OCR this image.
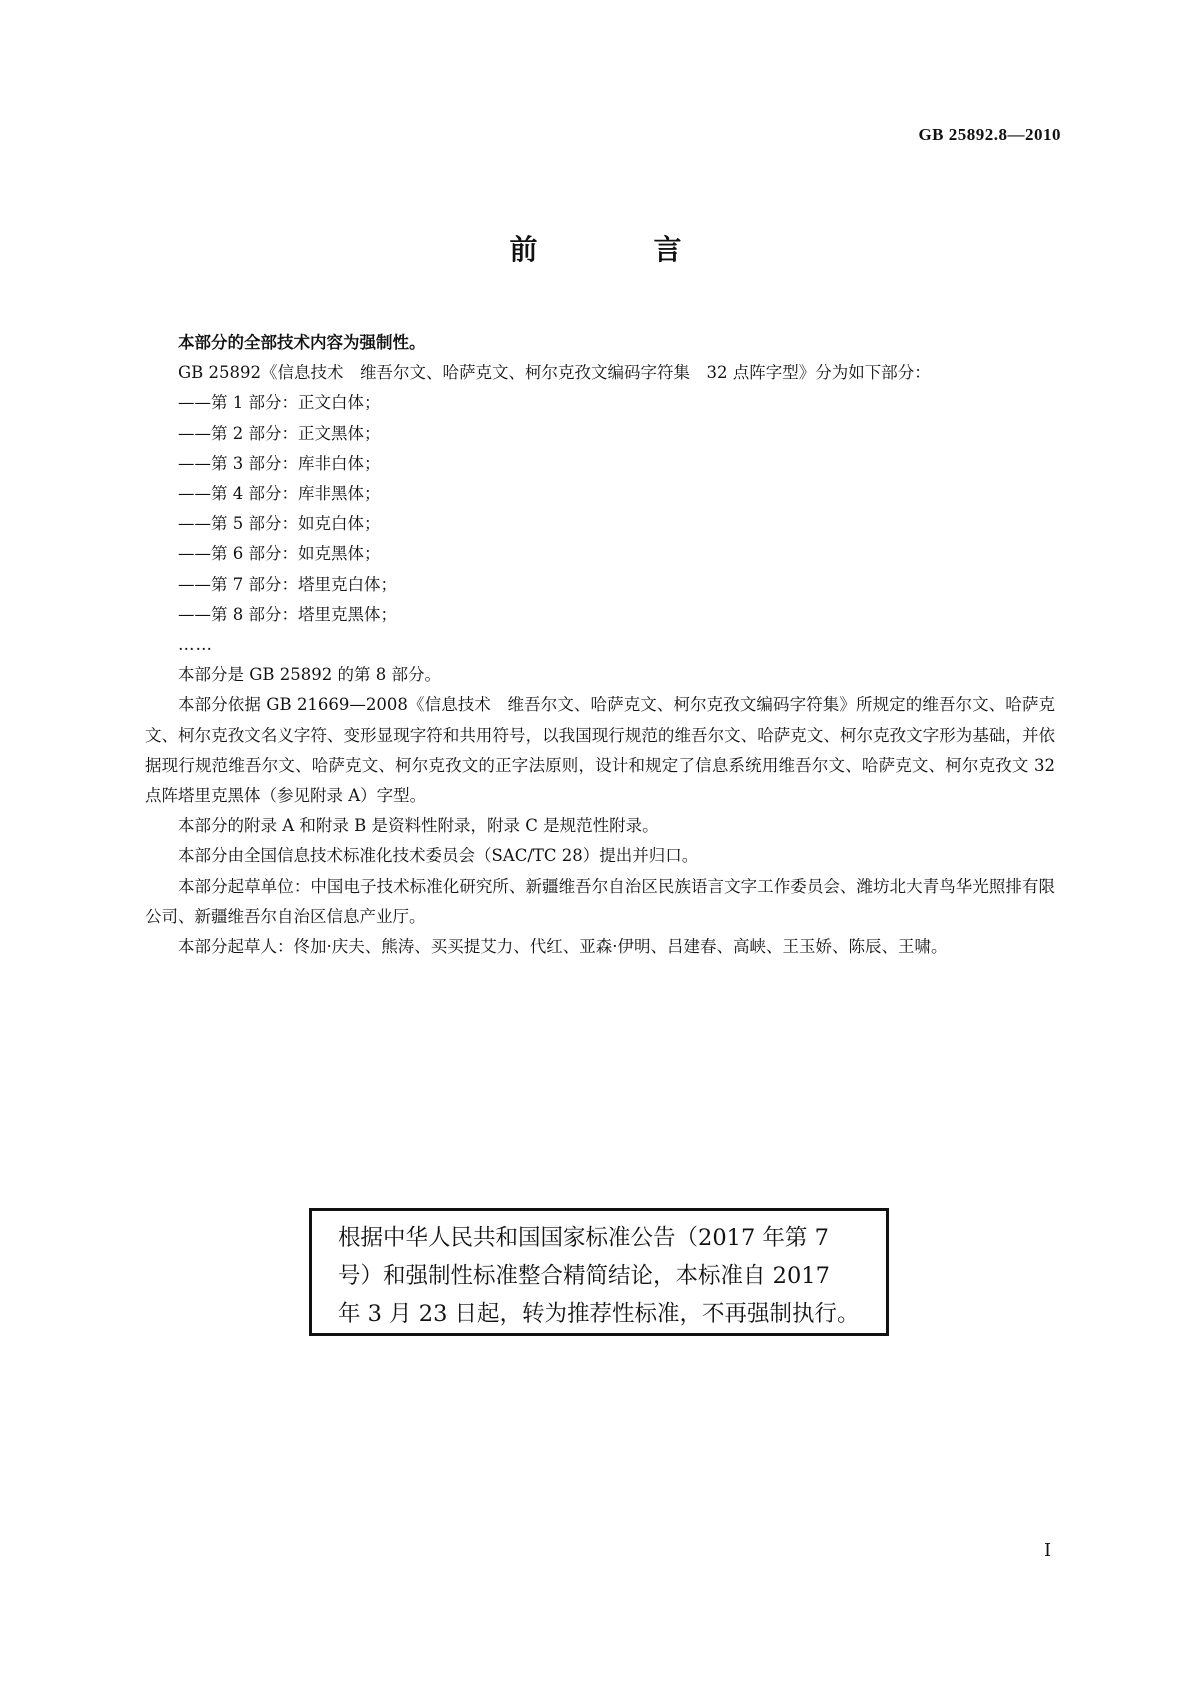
GB 25892.8—2010
前　言

本部分的全部技术内容为强制性。

GB 25892《信息技术　维吾尔文、哈萨克文、柯尔克孜文编码字符集　32 点阵字型》分为如下部分：

——第 1 部分：正文白体；

——第 2 部分：正文黑体；

——第 3 部分：库非白体；

——第 4 部分：库非黑体；

——第 5 部分：如克白体；

——第 6 部分：如克黑体；

——第 7 部分：塔里克白体；

——第 8 部分：塔里克黑体；

……

本部分是 GB 25892 的第 8 部分。

本部分依据 GB 21669—2008《信息技术　维吾尔文、哈萨克文、柯尔克孜文编码字符集》所规定的维吾尔文、哈萨克文、柯尔克孜文名义字符、变形显现字符和共用符号，以我国现行规范的维吾尔文、哈萨克文、柯尔克孜文字形为基础，并依据现行规范维吾尔文、哈萨克文、柯尔克孜文的正字法原则，设计和规定了信息系统用维吾尔文、哈萨克文、柯尔克孜文 32 点阵塔里克黑体（参见附录 A）字型。

本部分的附录 A 和附录 B 是资料性附录，附录 C 是规范性附录。

本部分由全国信息技术标准化技术委员会（SAC/TC 28）提出并归口。

本部分起草单位：中国电子技术标准化研究所、新疆维吾尔自治区民族语言文字工作委员会、潍坊北大青鸟华光照排有限公司、新疆维吾尔自治区信息产业厅。

本部分起草人：佟加·庆夫、熊涛、买买提艾力、代红、亚森·伊明、吕建春、高峡、王玉娇、陈辰、王啸。

根据中华人民共和国国家标准公告（2017 年第 7

号）和强制性标准整合精简结论，本标准自 2017

年 3 月 23 日起，转为推荐性标准，不再强制执行。

Ⅰ
